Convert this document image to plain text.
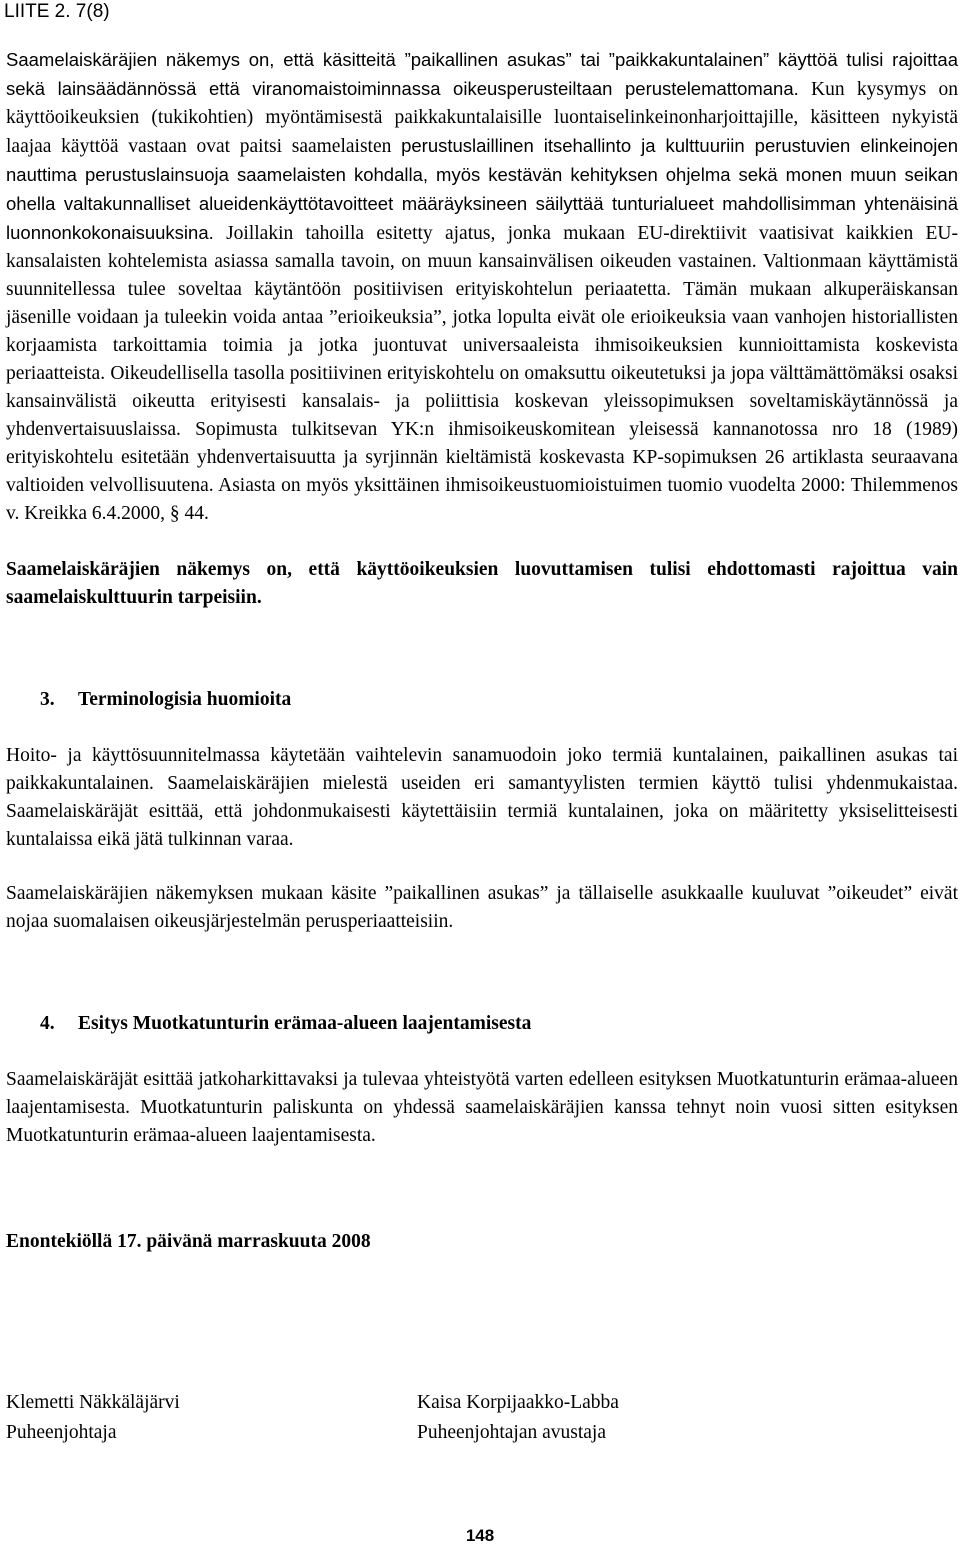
LIITE 2. 7(8)

Saamelaiskäräjien näkemys on, että käsitteitä ”paikallinen asukas” tai ”paikkakuntalainen” käyttöä tulisi rajoittaa sekä lainsäädännössä että viranomaistoiminnassa oikeusperusteiltaan perustelemattomana. Kun kysymys on käyttöoikeuksien (tukikohtien) myöntämisestä paikkakuntalaisille luontaiselinkeinonharjoittajille, käsitteen nykyistä laajaa käyttöä vastaan ovat paitsi saamelaisten perustuslaillinen itsehallinto ja kulttuuriin perustuvien elinkeinojen nauttima perustuslainsuoja saamelaisten kohdalla, myös kestävän kehityksen ohjelma sekä monen muun seikan ohella valtakunnalliset alueidenkäyttötavoitteet määräyksineen säilyttää tunturialueet mahdollisimman yhtenäisinä luonnonkokonaisuuksina. Joillakin tahoilla esitetty ajatus, jonka mukaan EU-direktiivit vaatisivat kaikkien EU-kansalaisten kohtelemista asiassa samalla tavoin, on muun kansainvälisen oikeuden vastainen. Valtionmaan käyttämistä suunnitellessa tulee soveltaa käytäntöön positiivisen erityiskohtelun periaatetta. Tämän mukaan alkuperäiskansan jäsenille voidaan ja tuleekin voida antaa ”erioikeuksia”, jotka lopulta eivät ole erioikeuksia vaan vanhojen historiallisten korjaamista tarkoittamia toimia ja jotka juontuvat universaaleista ihmisoikeuksien kunnioittamista koskevista periaatteista. Oikeudellisella tasolla positiivinen erityiskohtelu on omaksuttu oikeutetuksi ja jopa välttämättömäksi osaksi kansainvälistä oikeutta erityisesti kansalais- ja poliittisia koskevan yleissopimuksen soveltamiskäytännössä ja yhdenvertaisuuslaissa. Sopimusta tulkitsevan YK:n ihmisoikeuskomitean yleisessä kannanotossa nro 18 (1989) erityiskohtelu esitetään yhdenvertaisuutta ja syrjinnän kieltämistä koskevasta KP-sopimuksen 26 artiklasta seuraavana valtioiden velvollisuutena. Asiasta on myös yksittäinen ihmisoikeustuomioistuimen tuomio vuodelta 2000: Thilemmenos v. Kreikka 6.4.2000, § 44.

Saamelaiskäräjien näkemys on, että käyttöoikeuksien luovuttamisen tulisi ehdottomasti rajoittua vain saamelaiskulttuurin tarpeisiin.

3. Terminologisia huomioita

Hoito- ja käyttösuunnitelmassa käytetään vaihtelevin sanamuodoin joko termiä kuntalainen, paikallinen asukas tai paikkakuntalainen. Saamelaiskäräjien mielestä useiden eri samantyylisten termien käyttö tulisi yhdenmukaistaa. Saamelaiskäräjät esittää, että johdonmukaisesti käytettäisiin termiä kuntalainen, joka on määritetty yksiselitteisesti kuntalaissa eikä jätä tulkinnan varaa.

Saamelaiskäräjien näkemyksen mukaan käsite ”paikallinen asukas” ja tällaiselle asukkaalle kuuluvat ”oikeudet” eivät nojaa suomalaisen oikeusjärjestelmän perusperiaatteisiin.

4. Esitys Muotkatunturin erämaa-alueen laajentamisesta

Saamelaiskäräjät esittää jatkoharkittavaksi ja tulevaa yhteistyötä varten edelleen esityksen Muotkatunturin erämaa-alueen laajentamisesta. Muotkatunturin paliskunta on yhdessä saamelaiskäräjien kanssa tehnyt noin vuosi sitten esityksen Muotkatunturin erämaa-alueen laajentamisesta.

Enontekiöllä 17. päivänä marraskuuta 2008

Klemetti Näkkäläjärvi
Puheenjohtaja
Kaisa Korpijaakko-Labba
Puheenjohtajan avustaja
148
